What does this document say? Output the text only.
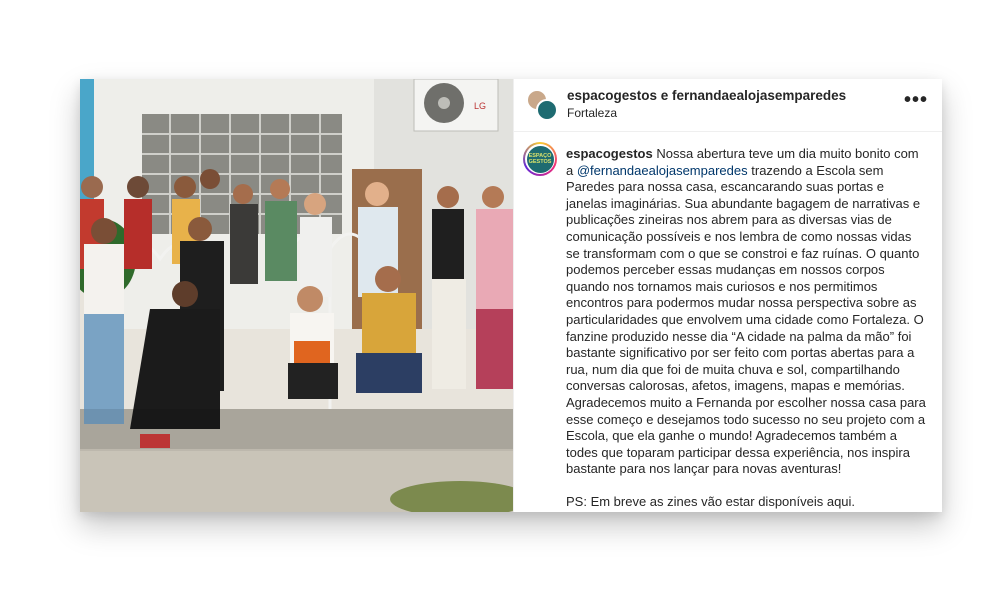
LG
espacogestos e fernandaealojasemparedes
Fortaleza
•••
ESPAÇO GESTOS

espacogestos Nossa abertura teve um dia muito bonito com a @fernandaealojasemparedes trazendo a Escola sem Paredes para nossa casa, escancarando suas portas e janelas imaginárias. Sua abundante bagagem de narrativas e publicações zineiras nos abrem para as diversas vias de comunicação possíveis e nos lembra de como nossas vidas se transformam com o que se constroi e faz ruínas. O quanto podemos perceber essas mudanças em nossos corpos quando nos tornamos mais curiosos e nos permitimos encontros para podermos mudar nossa perspectiva sobre as particularidades que envolvem uma cidade como Fortaleza. O fanzine produzido nesse dia “A cidade na palma da mão” foi bastante significativo por ser feito com portas abertas para a rua, num dia que foi de muita chuva e sol, compartilhando conversas calorosas, afetos, imagens, mapas e memórias. Agradecemos muito a Fernanda por escolher nossa casa para esse começo e desejamos todo sucesso no seu projeto com a Escola, que ela ganhe o mundo! Agradecemos também a todes que toparam participar dessa experiência, nos inspira bastante para nos lançar para novas aventuras!

PS: Em breve as zines vão estar disponíveis aqui.
